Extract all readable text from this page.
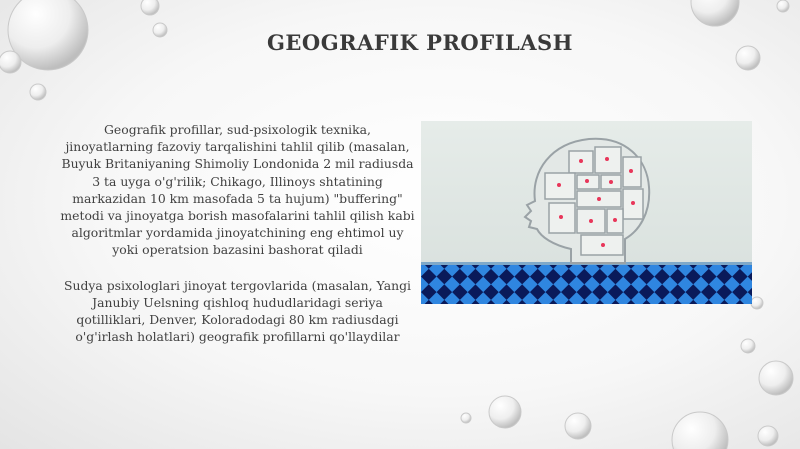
GEOGRAFIK PROFILASH

Geografik profillar, sud-psixologik texnika, jinoyatlarning fazoviy tarqalishini tahlil qilib (masalan, Buyuk Britaniyaning Shimoliy Londonida 2 mil radiusda 3 ta uyga o'g'rilik; Chikago, Illinoys shtatining markazidan 10 km masofada 5 ta hujum) "buffering" metodi va jinoyatga borish masofalarini tahlil qilish kabi algoritmlar yordamida jinoyatchining eng ehtimol uy yoki operatsion bazasini bashorat qiladi

Sudya psixologlari jinoyat tergovlarida (masalan, Yangi Janubiy Uelsning qishloq hududlaridagi seriya qotilliklari, Denver, Koloradodagi 80 km radiusdagi o'g'irlash holatlari) geografik profillarni qo'llaydilar
